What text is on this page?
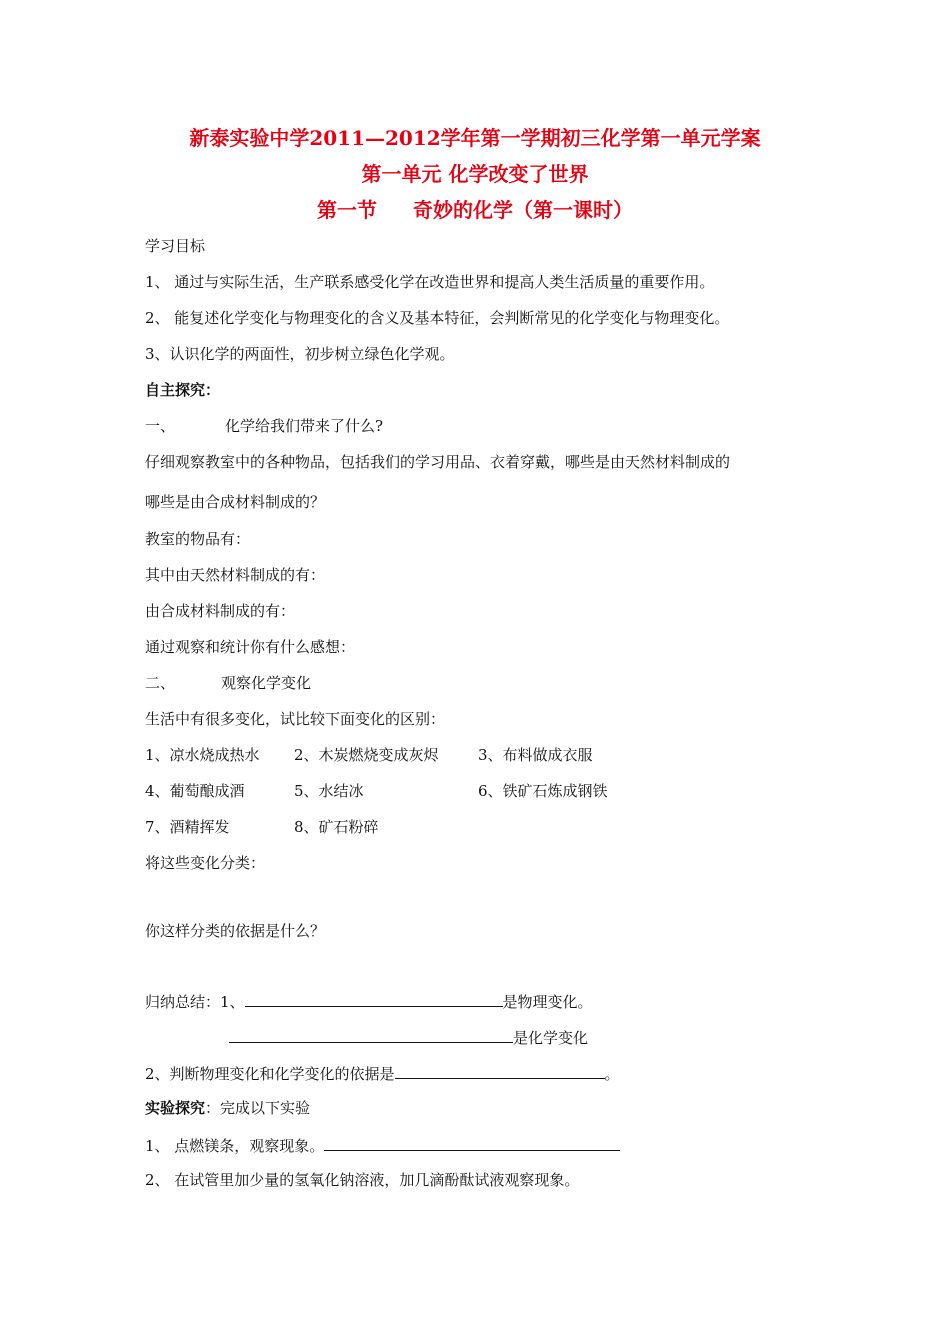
新泰实验中学2011—2012学年第一学期初三化学第一单元学案
第一单元 化学改变了世界
第一节 奇妙的化学（第一课时）
学习目标
1、 通过与实际生活，生产联系感受化学在改造世界和提高人类生活质量的重要作用。
2、 能复述化学变化与物理变化的含义及基本特征，会判断常见的化学变化与物理变化。
3、认识化学的两面性，初步树立绿色化学观。
自主探究：
一、	化学给我们带来了什么?
仔细观察教室中的各种物品，包括我们的学习用品、衣着穿戴，哪些是由天然材料制成的
哪些是由合成材料制成的？
教室的物品有：
其中由天然材料制成的有：
由合成材料制成的有：
通过观察和统计你有什么感想：
二、	观察化学变化
生活中有很多变化，试比较下面变化的区别：
1、凉水烧成热水 2、木炭燃烧变成灰烬	3、布料做成衣服
4、葡萄酿成酒	5、水结冰	6、铁矿石炼成钢铁
7、酒精挥发	8、矿石粉碎
将这些变化分类：
你这样分类的依据是什么？
归纳总结：1、	是物理变化。
是化学变化
2、判断物理变化和化学变化的依据是	。
实验探究：完成以下实验
1、 点燃镁条，观察现象。
2、 在试管里加少量的氢氧化钠溶液，加几滴酚酞试液观察现象。
